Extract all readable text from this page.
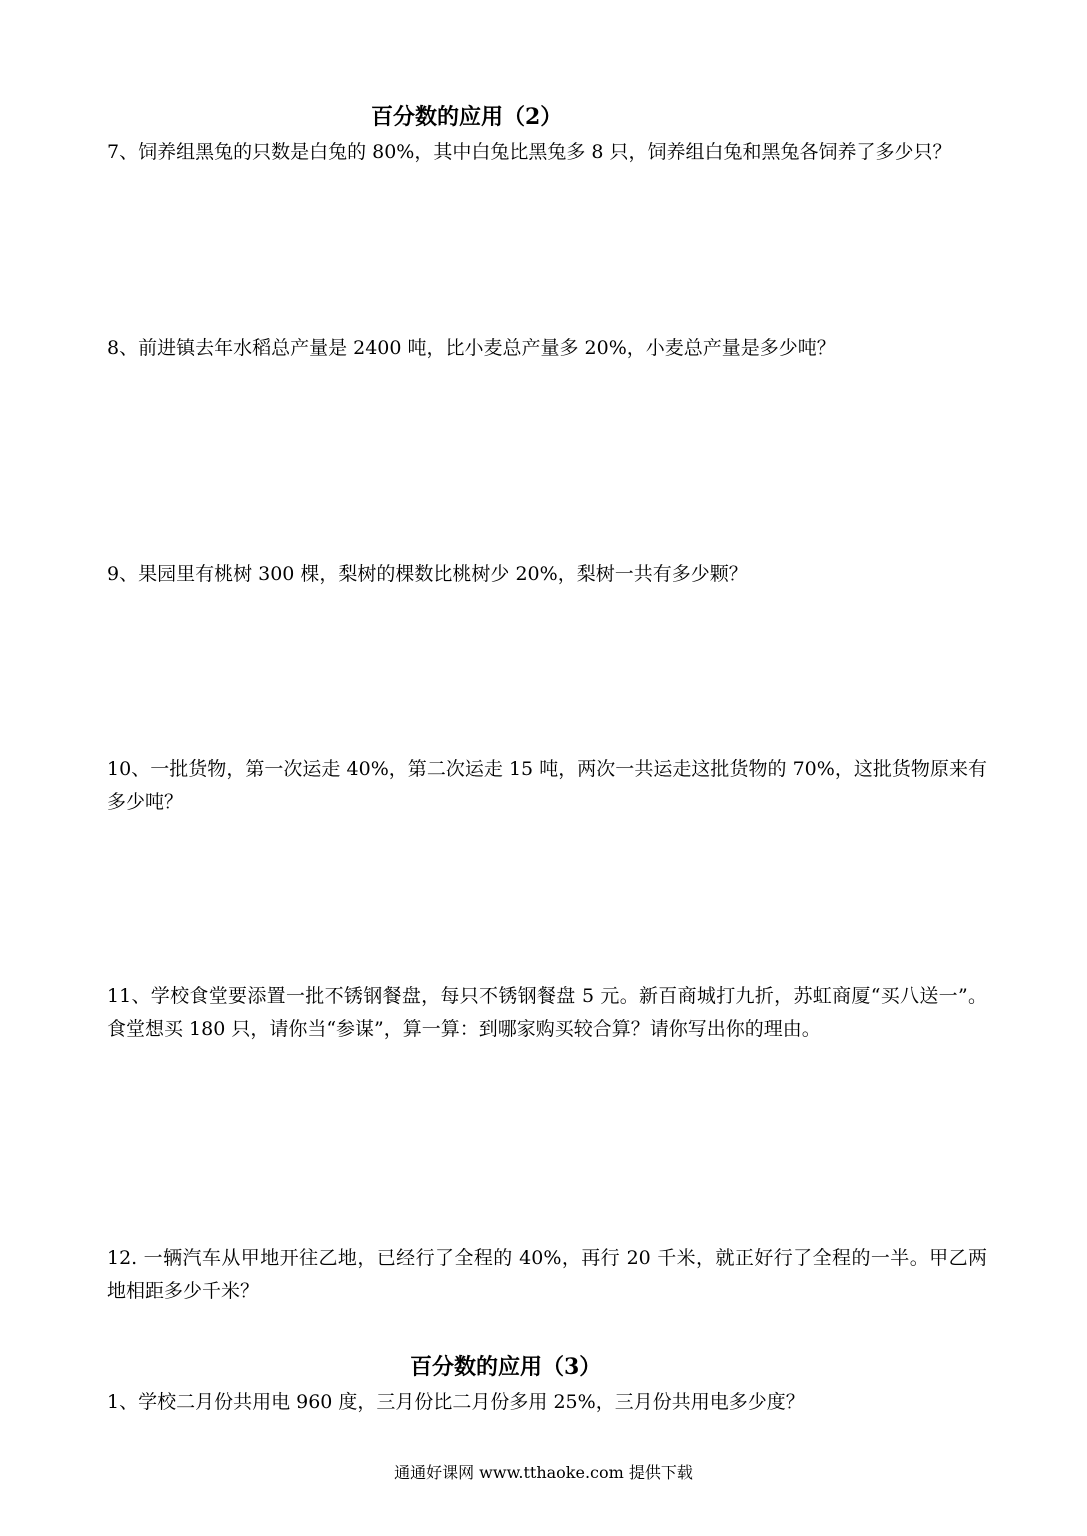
百分数的应用（2）
7、饲养组黑兔的只数是白兔的 80%，其中白兔比黑兔多 8 只，饲养组白兔和黑兔各饲养了多少只？
8、前进镇去年水稻总产量是 2400 吨，比小麦总产量多 20%，小麦总产量是多少吨？
9、果园里有桃树 300 棵，梨树的棵数比桃树少 20%，梨树一共有多少颗？
10、一批货物，第一次运走 40%，第二次运走 15 吨，两次一共运走这批货物的 70%，这批货物原来有多少吨？
11、学校食堂要添置一批不锈钢餐盘，每只不锈钢餐盘 5 元。新百商城打九折，苏虹商厦“买八送一”。食堂想买 180 只，请你当“参谋”，算一算：到哪家购买较合算？请你写出你的理由。
12. 一辆汽车从甲地开往乙地，已经行了全程的 40%，再行 20 千米，就正好行了全程的一半。甲乙两地相距多少千米？
百分数的应用（3）
1、学校二月份共用电 960 度，三月份比二月份多用 25%，三月份共用电多少度？
通通好课网 www.tthaoke.com 提供下载
